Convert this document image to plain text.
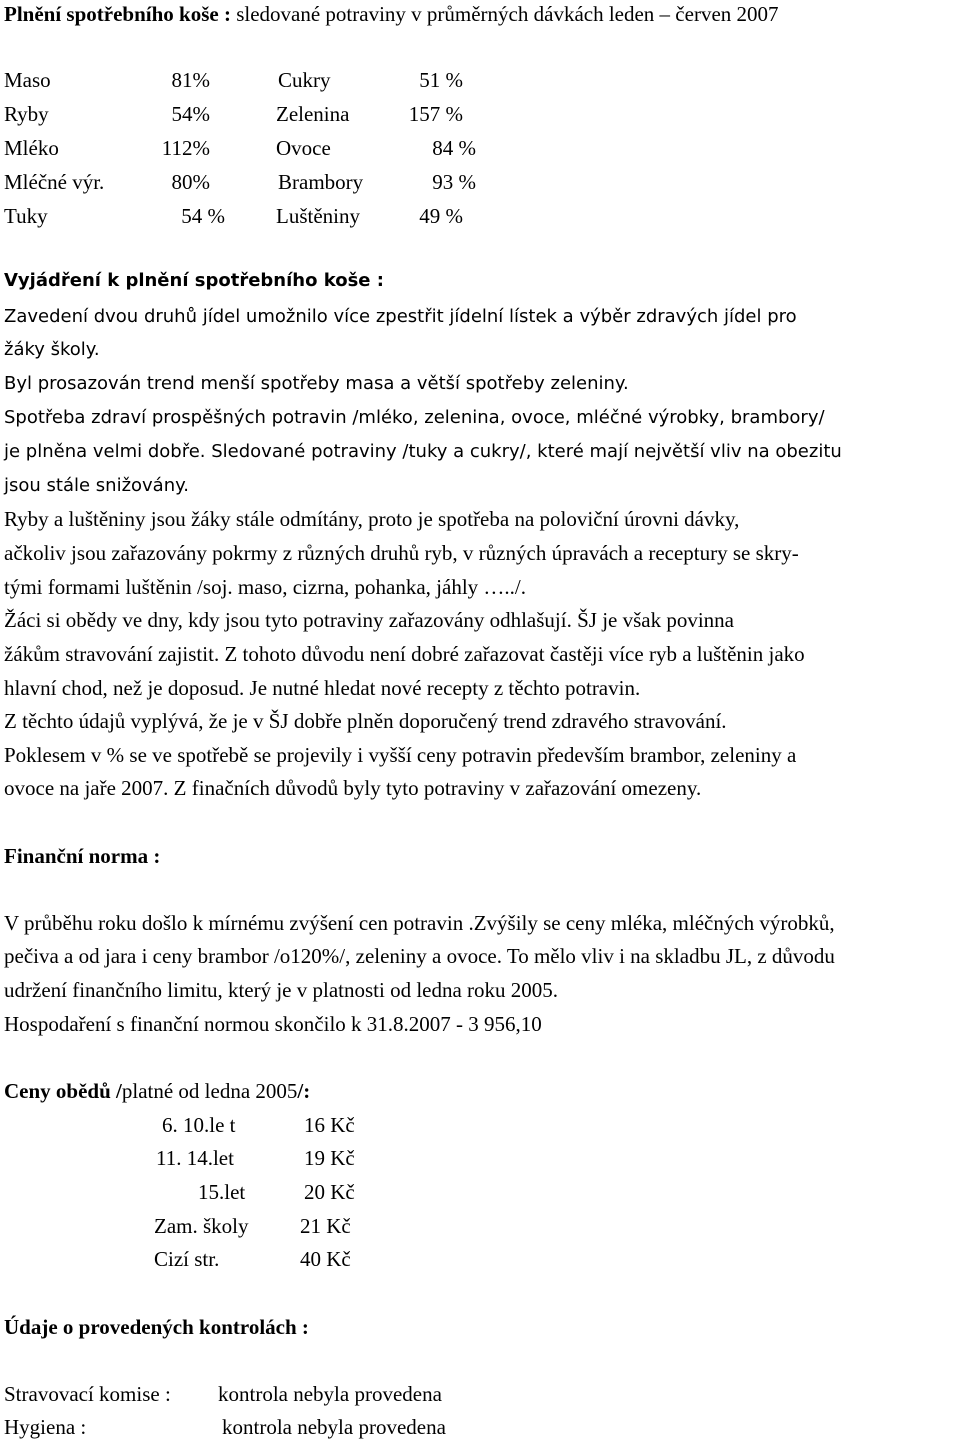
Plnění spotřebního koše : sledované potraviny v průměrných dávkách leden – červen 2007
Maso	81%	Cukry	51 %
Ryby	54%	Zelenina	157 %
Mléko	112%	Ovoce	84 %
Mléčné výr.	80%	Brambory	93 %
Tuky	54 % Luštěniny	49 %
Vyjádření k plnění spotřebního koše :
Zavedení dvou druhů jídel umožnilo více zpestřit jídelní lístek a výběr zdravých jídel pro
žáky školy.
Byl prosazován trend menší spotřeby masa a větší spotřeby zeleniny.
Spotřeba zdraví prospěšných potravin /mléko, zelenina, ovoce, mléčné výrobky, brambory/
je plněna velmi dobře. Sledované potraviny /tuky a cukry/, které mají největší vliv na obezitu
jsou stále snižovány.
Ryby a luštěniny jsou žáky stále odmítány, proto je spotřeba na poloviční úrovni dávky,
ačkoliv jsou zařazovány pokrmy z různých druhů ryb, v různých úpravách a receptury se skry-
tými formami luštěnin /soj. maso, cizrna, pohanka, jáhly …../.
Žáci si obědy ve dny, kdy jsou tyto potraviny zařazovány odhlašují. ŠJ je však povinna
žákům stravování zajistit. Z tohoto důvodu není dobré zařazovat častěji více ryb a luštěnin jako
hlavní chod, než je doposud. Je nutné hledat nové recepty z těchto potravin.
Z těchto údajů vyplývá, že je v ŠJ dobře plněn doporučený trend zdravého stravování.
Poklesem v % se ve spotřebě se projevily i vyšší ceny potravin především brambor, zeleniny a
ovoce na jaře 2007. Z finačních důvodů byly tyto potraviny v zařazování omezeny.
Finanční norma :
V průběhu roku došlo k mírnému zvýšení cen potravin .Zvýšily se ceny mléka, mléčných výrobků,
pečiva a od jara i ceny brambor /o120%/, zeleniny a ovoce. To mělo vliv i na skladbu JL, z důvodu
udržení finančního limitu, který je v platnosti od ledna roku 2005.
Hospodaření s finanční normou skončilo k 31.8.2007 - 3 956,10
Ceny obědů /platné od ledna 2005/:
6. 10.le t	16 Kč
11. 14.let	19 Kč
15.let	20 Kč
Zam. školy 21 Kč
Cizí str.	40 Kč
Údaje o provedených kontrolách :
Stravovací komise : kontrola nebyla provedena
Hygiena :	kontrola nebyla provedena
